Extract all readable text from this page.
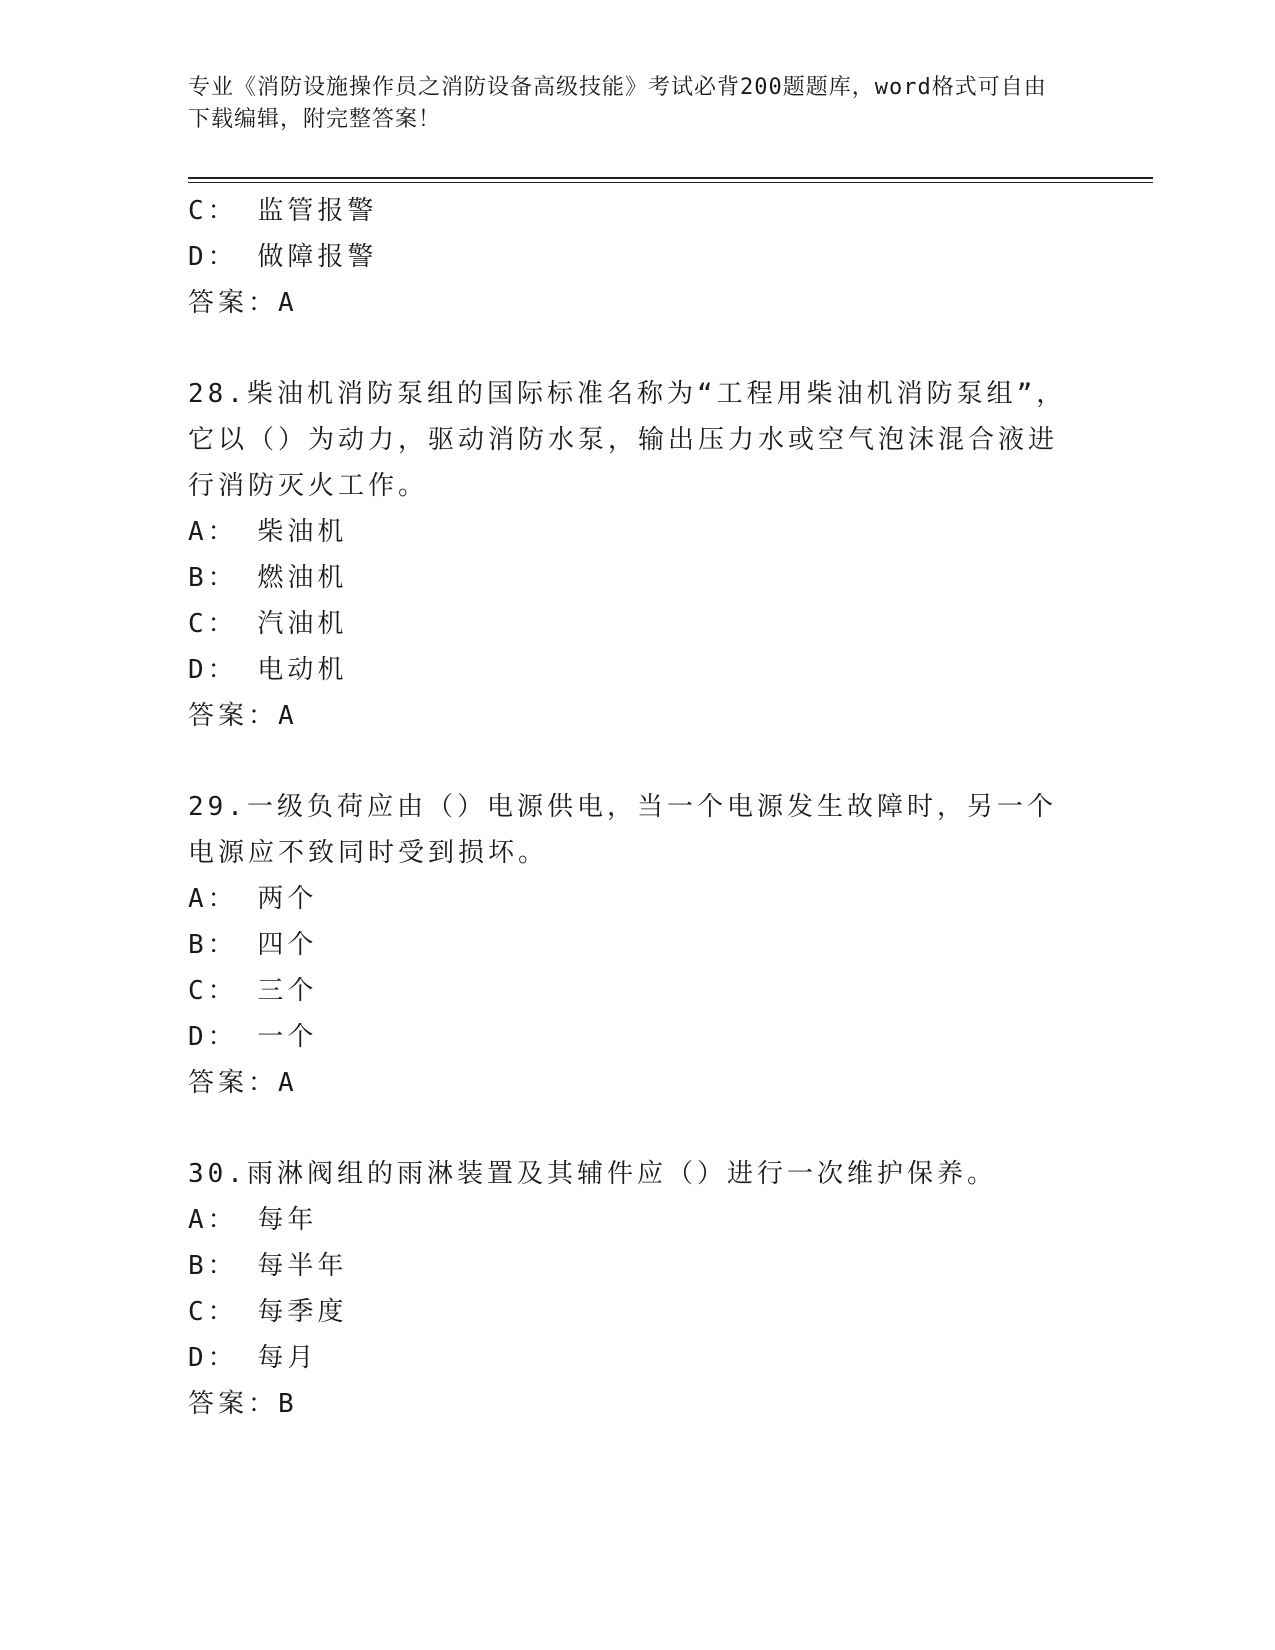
专业《消防设施操作员之消防设备高级技能》考试必背200题题库，word格式可自由下载编辑，附完整答案！
C： 监管报警
D： 做障报警
答案：A
28.柴油机消防泵组的国际标准名称为“工程用柴油机消防泵组”，它以（）为动力，驱动消防水泵，输出压力水或空气泡沫混合液进行消防灭火工作。
A： 柴油机
B： 燃油机
C： 汽油机
D： 电动机
答案：A
29.一级负荷应由（）电源供电，当一个电源发生故障时，另一个电源应不致同时受到损坏。
A： 两个
B： 四个
C： 三个
D： 一个
答案：A
30.雨淋阀组的雨淋装置及其辅件应（）进行一次维护保养。
A： 每年
B： 每半年
C： 每季度
D： 每月
答案：B
